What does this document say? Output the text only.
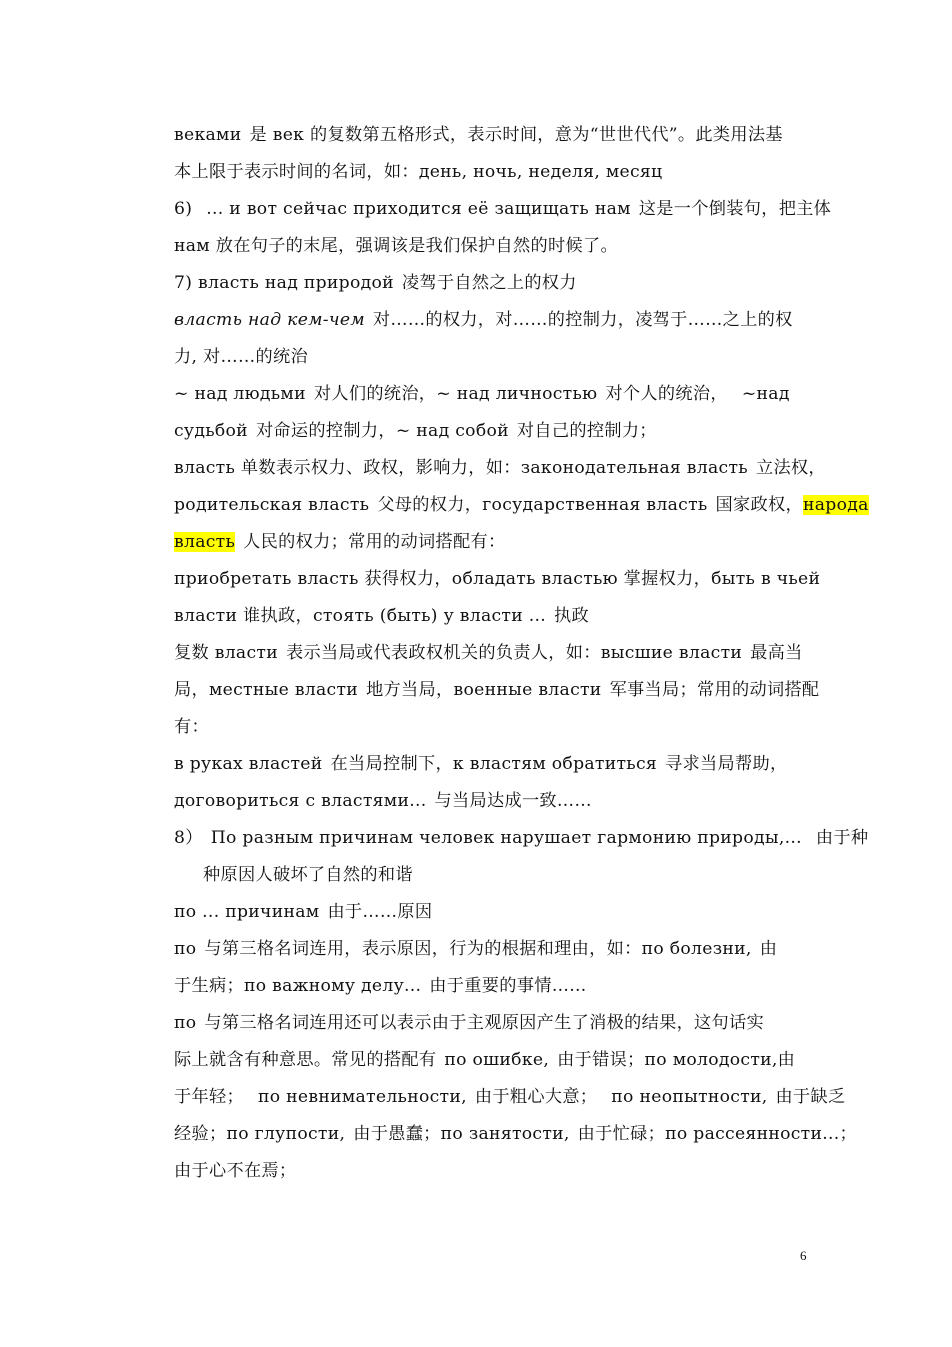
веками 是 век 的复数第五格形式，表示时间，意为“世世代代”。此类用法基
本上限于表示时间的名词，如：день, ночь, неделя, месяц
6) ... и вот сейчас приходится её защищать нам 这是一个倒装句，把主体
нам 放在句子的末尾，强调该是我们保护自然的时候了。
7) власть над природой 凌驾于自然之上的权力
власть над кем-чем 对……的权力，对……的控制力，凌驾于……之上的权
力, 对……的统治
~ над людьми 对人们的统治，~ над личностью 对个人的统治， ~над
судьбой 对命运的控制力，~ над собой 对自己的控制力；
власть 单数表示权力、政权，影响力，如：законодательная власть 立法权，
родительская власть 父母的权力，государственная власть 国家政权，народа
власть 人民的权力；常用的动词搭配有：
приобретать власть 获得权力，обладать властью 掌握权力，быть в чьей
власти 谁执政，стоять (быть) у власти ... 执政
复数 власти 表示当局或代表政权机关的负责人，如：высшие власти 最高当
局，местные власти 地方当局，военные власти 军事当局；常用的动词搭配
有：
в руках властей 在当局控制下，к властям обратиться 寻求当局帮助，
договориться с властями... 与当局达成一致……
8） По разным причинам человек нарушает гармонию природы,... 由于种
种原因人破坏了自然的和谐
по ... причинам 由于……原因
по 与第三格名词连用，表示原因，行为的根据和理由，如：по болезни, 由
于生病；по важному делу... 由于重要的事情……
по 与第三格名词连用还可以表示由于主观原因产生了消极的结果，这句话实
际上就含有种意思。常见的搭配有 по ошибке, 由于错误；по молодости,由
于年轻； по невнимательности, 由于粗心大意； по неопытности, 由于缺乏
经验；по глупости, 由于愚蠢；по занятости, 由于忙碌；по рассеянности...；
由于心不在焉；
6
